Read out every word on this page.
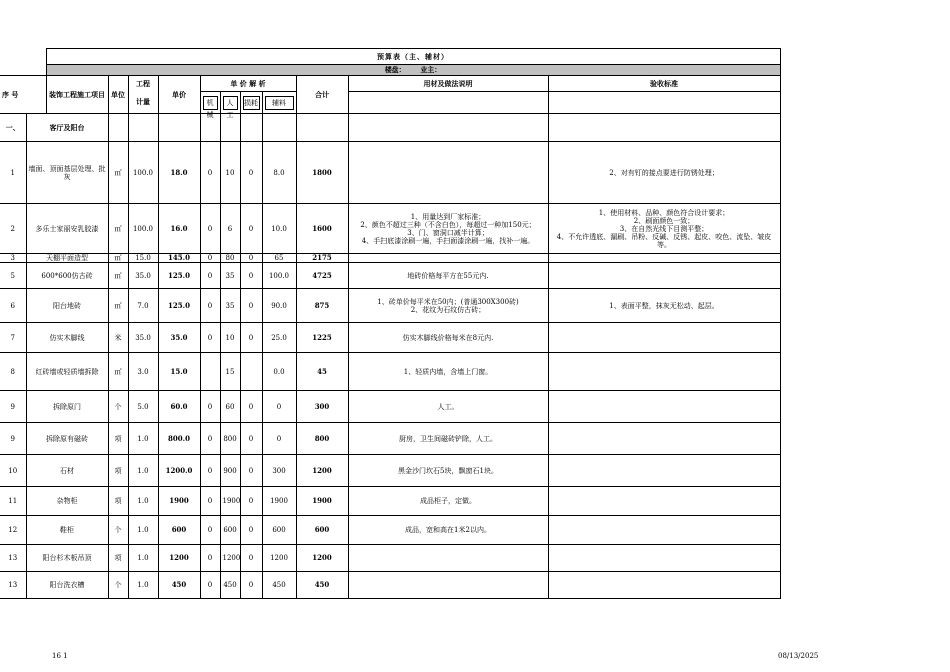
		预算表（主、辅材）										
		楼盘： 业主：										
序 号		装饰工程施工项目	单位	工程	单价	单 价 解 析				合计	用材及做法说明	验收标准
				计量		机械	人工	损耗	辅料			

一、	客厅及阳台											
1	墙面、顶面基层处理、批灰		㎡	100.0	18.0	0	10	0	8.0	1800		2、对有钉的接点要进行防锈处理；
2	多乐士家丽安乳胶漆		㎡	100.0	16.0	0	6	0	10.0	1600	1、用量达到厂家标准；
2、颜色不超过三种（不含白色），每超过一种加150元；
3、门、窗洞口减半计算；
4、手扫底漆涂刷一遍，手扫面漆涂刷一遍，找补一遍。	1、使用材料、品种、颜色符合设计要求；
2、刷面颜色一致；
3、在自然光线下目测平整；
4、不允许透底、漏刷、吊粉、反碱、反锈、起皮、咬色、流坠、皱皮等。
3	天棚平面造型		㎡	15.0	145.0	0	80	0	65	2175		
5	600*600仿古砖		㎡	35.0	125.0	0	35	0	100.0	4725	地砖价格每平方在55元内.	
6	阳台地砖		㎡	7.0	125.0	0	35	0	90.0	875	1、砖单价每平米在50内；(普通300X300砖)
2、花纹为石纹仿古砖；	1、表面平整，抹灰无松动、起层。
7	仿实木脚线		米	35.0	35.0	0	10	0	25.0	1225	仿实木脚线价格每米在8元内.	
8	红砖墙或轻质墙拆除		㎡	3.0	15.0		15		0.0	45	1、轻质内墙，含墙上门窗。	
9	拆除原门		个	5.0	60.0	0	60	0	0	300	人工。	
9	拆除原有磁砖		项	1.0	800.0	0	800	0	0	800	厨房，卫生间磁砖铲除，人工。	
10	石材		项	1.0	1200.0	0	900	0	300	1200	黑金沙门坎石5块，飘窗石1块。	
11	杂物柜		项	1.0	1900	0	1900	0	1900	1900	成品柜子，定做。	
12	鞋柜		个	1.0	600	0	600	0	600	600	成品，宽和高在1米2以内。	
13	阳台杉木板吊顶		项	1.0	1200	0	1200	0	1200	1200		
13	阳台洗衣槽		个	1.0	450	0	450	0	450	450		
16 1	08/13/2025
